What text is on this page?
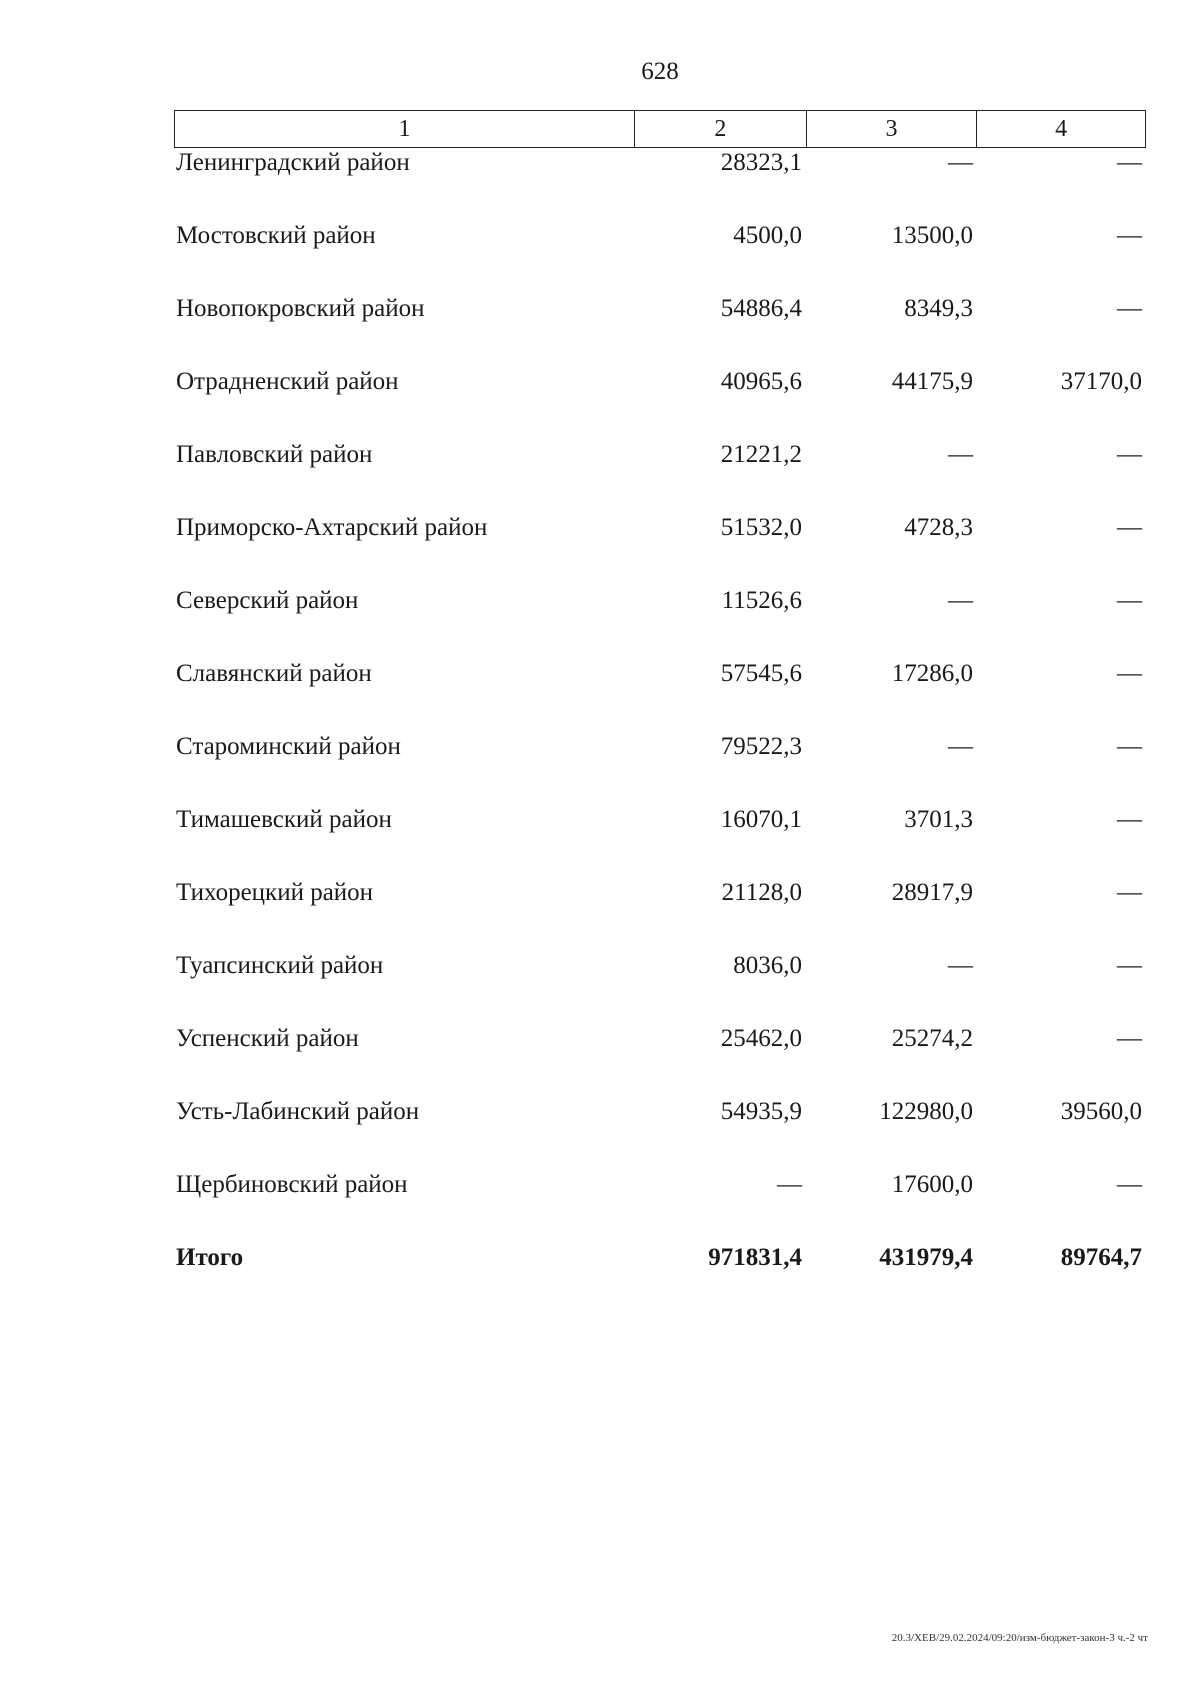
628
1	2	3	4
Ленинградский район	28323,1	—	—
Мостовский район	4500,0	13500,0	—
Новопокровский район	54886,4	8349,3	—
Отрадненский район	40965,6	44175,9	37170,0
Павловский район	21221,2	—	—
Приморско-Ахтарский район	51532,0	4728,3	—
Северский район	11526,6	—	—
Славянский район	57545,6	17286,0	—
Староминский район	79522,3	—	—
Тимашевский район	16070,1	3701,3	—
Тихорецкий район	21128,0	28917,9	—
Туапсинский район	8036,0	—	—
Успенский район	25462,0	25274,2	—
Усть-Лабинский район	54935,9	122980,0	39560,0
Щербиновский район	—	17600,0	—
Итого	971831,4	431979,4	89764,7
20.3/ХЕВ/29.02.2024/09:20/изм-бюджет-закон-3 ч.-2 чт
